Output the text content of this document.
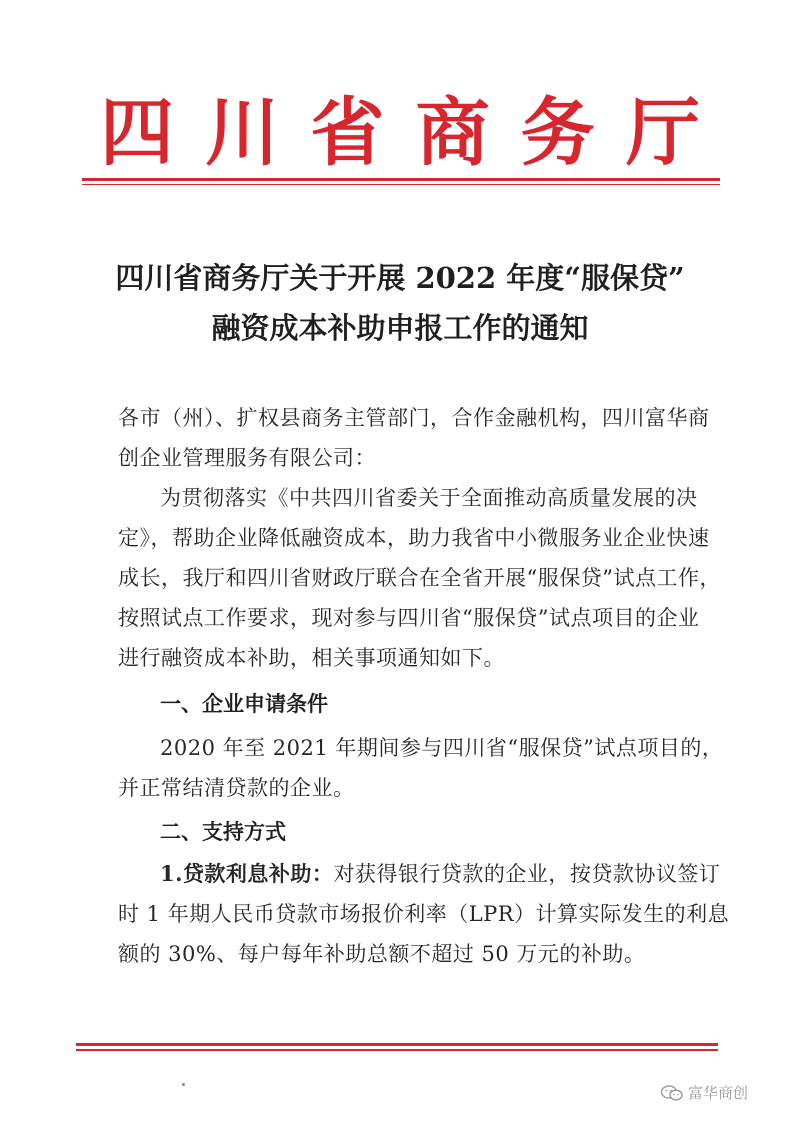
四 川 省 商 务 厅
四川省商务厅关于开展 2022 年度“服保贷”
融资成本补助申报工作的通知
各市（州）、扩权县商务主管部门，合作金融机构，四川富华商
创企业管理服务有限公司：
为贯彻落实《中共四川省委关于全面推动高质量发展的决
定》，帮助企业降低融资成本，助力我省中小微服务业企业快速
成长，我厅和四川省财政厅联合在全省开展“服保贷”试点工作，
按照试点工作要求，现对参与四川省“服保贷”试点项目的企业
进行融资成本补助，相关事项通知如下。
一、企业申请条件
2020 年至 2021 年期间参与四川省“服保贷”试点项目的，
并正常结清贷款的企业。
二、支持方式
1.贷款利息补助：对获得银行贷款的企业，按贷款协议签订
时 1 年期人民币贷款市场报价利率（LPR）计算实际发生的利息
额的 30%、每户每年补助总额不超过 50 万元的补助。
富华商创
